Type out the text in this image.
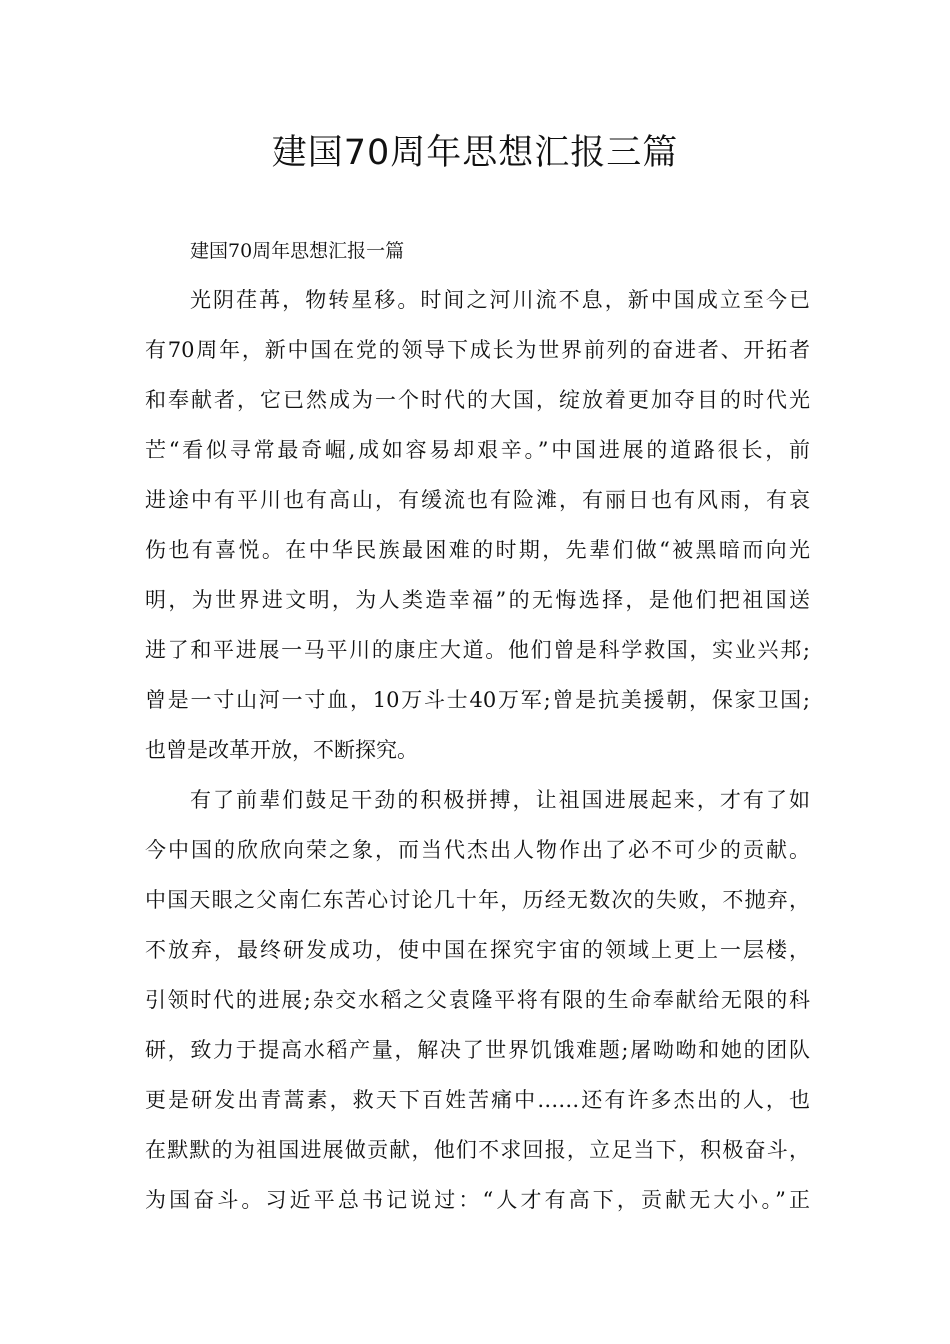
建国70周年思想汇报三篇
建国70周年思想汇报一篇
光阴荏苒，物转星移。时间之河川流不息，新中国成立至今已
有70周年，新中国在党的领导下成长为世界前列的奋进者、开拓者
和奉献者，它已然成为一个时代的大国，绽放着更加夺目的时代光
芒“看似寻常最奇崛,成如容易却艰辛。”中国进展的道路很长，前
进途中有平川也有高山，有缓流也有险滩，有丽日也有风雨，有哀
伤也有喜悦。在中华民族最困难的时期，先辈们做“被黑暗而向光
明，为世界进文明，为人类造幸福”的无悔选择，是他们把祖国送
进了和平进展一马平川的康庄大道。他们曾是科学救国，实业兴邦;
曾是一寸山河一寸血，10万斗士40万军;曾是抗美援朝，保家卫国;
也曾是改革开放，不断探究。
有了前辈们鼓足干劲的积极拼搏，让祖国进展起来，才有了如
今中国的欣欣向荣之象，而当代杰出人物作出了必不可少的贡献。
中国天眼之父南仁东苦心讨论几十年，历经无数次的失败，不抛弃，
不放弃，最终研发成功，使中国在探究宇宙的领域上更上一层楼，
引领时代的进展;杂交水稻之父袁隆平将有限的生命奉献给无限的科
研，致力于提高水稻产量，解决了世界饥饿难题;屠呦呦和她的团队
更是研发出青蒿素，救天下百姓苦痛中……还有许多杰出的人，也
在默默的为祖国进展做贡献，他们不求回报，立足当下，积极奋斗，
为国奋斗。习近平总书记说过：“人才有高下，贡献无大小。”正
